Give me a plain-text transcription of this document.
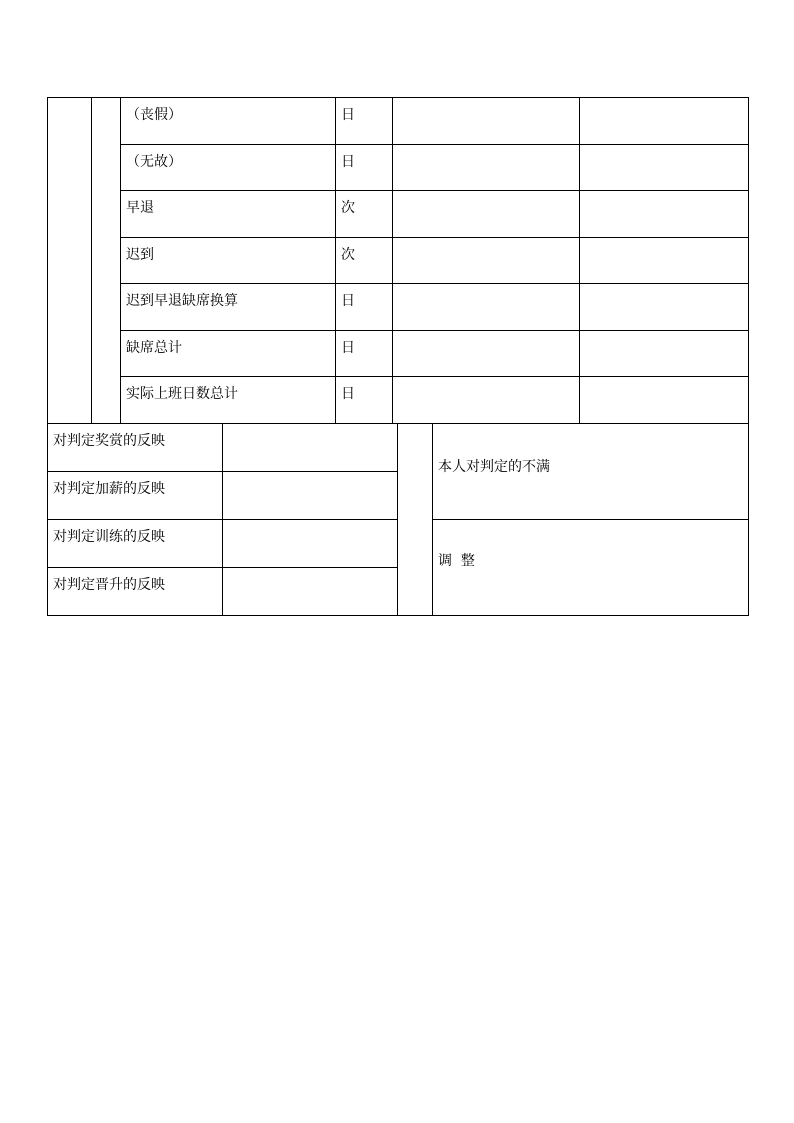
		（丧假）	日		

		（无故）	日		

		早退	次		

		迟到	次		

		迟到早退缺席换算	日		

		缺席总计	日		

		实际上班日数总计	日		

对判定奖赏的反映			本人对判定的不满

对判定加薪的反映			

对判定训练的反映			调  整

对判定晋升的反映			
